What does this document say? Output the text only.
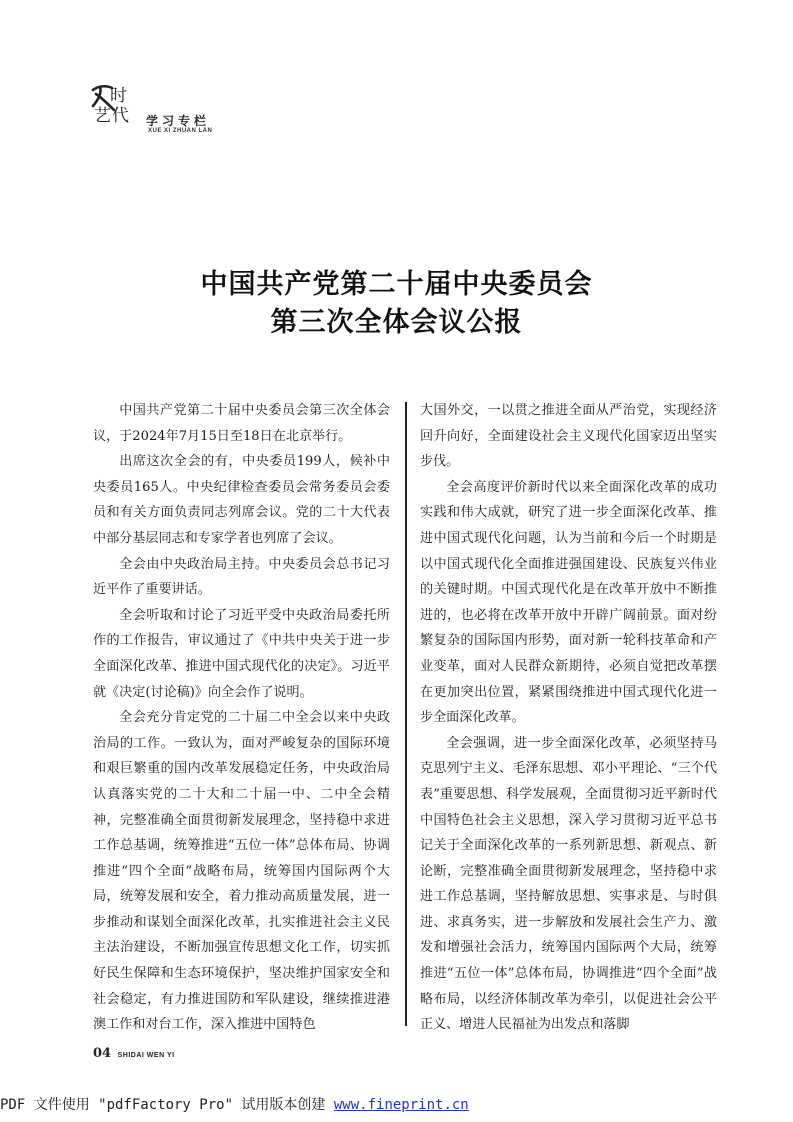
时
艺代 学习专栏
XUE XI ZHUAN LAN
中国共产党第二十届中央委员会
第三次全体会议公报

中国共产党第二十届中央委员会第三次全体会议，于2024年7月15日至18日在北京举行。

出席这次全会的有，中央委员199人，候补中央委员165人。中央纪律检查委员会常务委员会委员和有关方面负责同志列席会议。党的二十大代表中部分基层同志和专家学者也列席了会议。

全会由中央政治局主持。中央委员会总书记习近平作了重要讲话。

全会听取和讨论了习近平受中央政治局委托所作的工作报告，审议通过了《中共中央关于进一步全面深化改革、推进中国式现代化的决定》。习近平就《决定(讨论稿)》向全会作了说明。

全会充分肯定党的二十届二中全会以来中央政治局的工作。一致认为，面对严峻复杂的国际环境和艰巨繁重的国内改革发展稳定任务，中央政治局认真落实党的二十大和二十届一中、二中全会精神，完整准确全面贯彻新发展理念，坚持稳中求进工作总基调，统筹推进“五位一体”总体布局、协调推进“四个全面”战略布局，统筹国内国际两个大局，统筹发展和安全，着力推动高质量发展，进一步推动和谋划全面深化改革，扎实推进社会主义民主法治建设，不断加强宣传思想文化工作，切实抓好民生保障和生态环境保护，坚决维护国家安全和社会稳定，有力推进国防和军队建设，继续推进港澳工作和对台工作，深入推进中国特色

大国外交，一以贯之推进全面从严治党，实现经济回升向好，全面建设社会主义现代化国家迈出坚实步伐。

全会高度评价新时代以来全面深化改革的成功实践和伟大成就，研究了进一步全面深化改革、推进中国式现代化问题，认为当前和今后一个时期是以中国式现代化全面推进强国建设、民族复兴伟业的关键时期。中国式现代化是在改革开放中不断推进的，也必将在改革开放中开辟广阔前景。面对纷繁复杂的国际国内形势，面对新一轮科技革命和产业变革，面对人民群众新期待，必须自觉把改革摆在更加突出位置，紧紧围绕推进中国式现代化进一步全面深化改革。

全会强调，进一步全面深化改革，必须坚持马克思列宁主义、毛泽东思想、邓小平理论、“三个代表”重要思想、科学发展观，全面贯彻习近平新时代中国特色社会主义思想，深入学习贯彻习近平总书记关于全面深化改革的一系列新思想、新观点、新论断，完整准确全面贯彻新发展理念，坚持稳中求进工作总基调，坚持解放思想、实事求是、与时俱进、求真务实，进一步解放和发展社会生产力、激发和增强社会活力，统筹国内国际两个大局，统筹推进“五位一体”总体布局，协调推进“四个全面”战略布局，以经济体制改革为牵引，以促进社会公平正义、增进人民福祉为出发点和落脚

04 SHIDAI WEN YI
PDF 文件使用 "pdfFactory Pro" 试用版本创建 www.fineprint.cn
